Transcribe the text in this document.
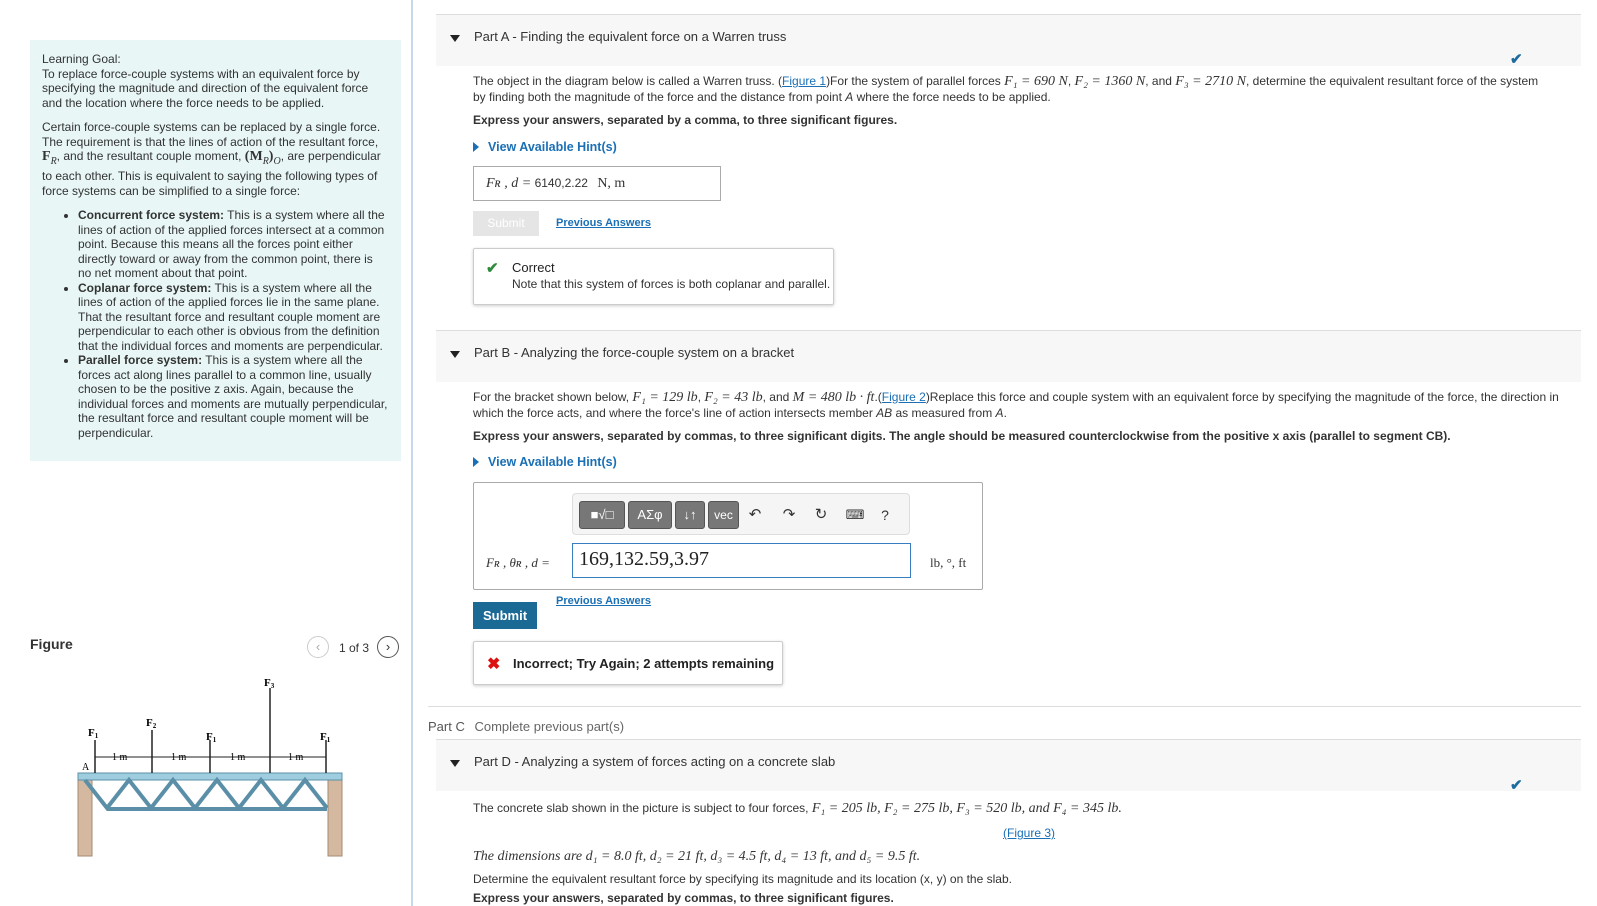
Learning Goal:
To replace force-couple systems with an equivalent force by specifying the magnitude and direction of the equivalent force and the location where the force needs to be applied.

Certain force-couple systems can be replaced by a single force. The requirement is that the lines of action of the resultant force, $F_R$, and the resultant couple moment, $(M_R)_O$, are perpendicular to each other. This is equivalent to saying the following types of force systems can be simplified to a single force:

• Concurrent force system: This is a system where all the lines of action of the applied forces intersect at a common point. Because this means all the forces point either directly toward or away from the common point, there is no net moment about that point.
• Coplanar force system: This is a system where all the lines of action of the applied forces lie in the same plane. That the resultant force and resultant couple moment are perpendicular to each other is obvious from the definition that the individual forces and moments are perpendicular.
• Parallel force system: This is a system where all the forces act along lines parallel to a common line, usually chosen to be the positive z axis. Again, because the individual forces and moments are mutually perpendicular, the resultant force and resultant couple moment will be perpendicular.
Figure	‹	1 of 3	›
F1
F2
F1
F3
F1
A
1 m	1 m	1 m	1 m
Part A - Finding the equivalent force on a Warren truss
✔
The object in the diagram below is called a Warren truss. (Figure 1)For the system of parallel forces F₁ = 690 N, F₂ = 1360 N, and F₃ = 2710 N, determine the equivalent resultant force of the system by finding both the magnitude of the force and the distance from point A where the force needs to be applied.
Express your answers, separated by a comma, to three significant figures.
View Available Hint(s)
Fʀ , d = 6140,2.22 N, m
Submit	Previous Answers
✔ Correct
Note that this system of forces is both coplanar and parallel.
Part B - Analyzing the force-couple system on a bracket
For the bracket shown below, F₁ = 129 lb, F₂ = 43 lb, and M = 480 lb · ft.(Figure 2)Replace this force and couple system with an equivalent force by specifying the magnitude of the force, the direction in which the force acts, and where the force's line of action intersects member AB as measured from A.
Express your answers, separated by commas, to three significant digits. The angle should be measured counterclockwise from the positive x axis (parallel to segment CB).
View Available Hint(s)
■√□	AΣφ	↓↑	vec	↶	↷	↻	⌨	?
Fʀ , θʀ , d =	169,132.59,3.97	lb, °, ft
Submit
Previous Answers
✖ Incorrect; Try Again; 2 attempts remaining
Part C Complete previous part(s)
Part D - Analyzing a system of forces acting on a concrete slab
✔
The concrete slab shown in the picture is subject to four forces, F₁ = 205 lb, F₂ = 275 lb, F₃ = 520 lb, and F₄ = 345 lb.
(Figure 3)
The dimensions are d₁ = 8.0 ft, d₂ = 21 ft, d₃ = 4.5 ft, d₄ = 13 ft, and d₅ = 9.5 ft.
Determine the equivalent resultant force by specifying its magnitude and its location (x, y) on the slab.
Express your answers, separated by commas, to three significant figures.
